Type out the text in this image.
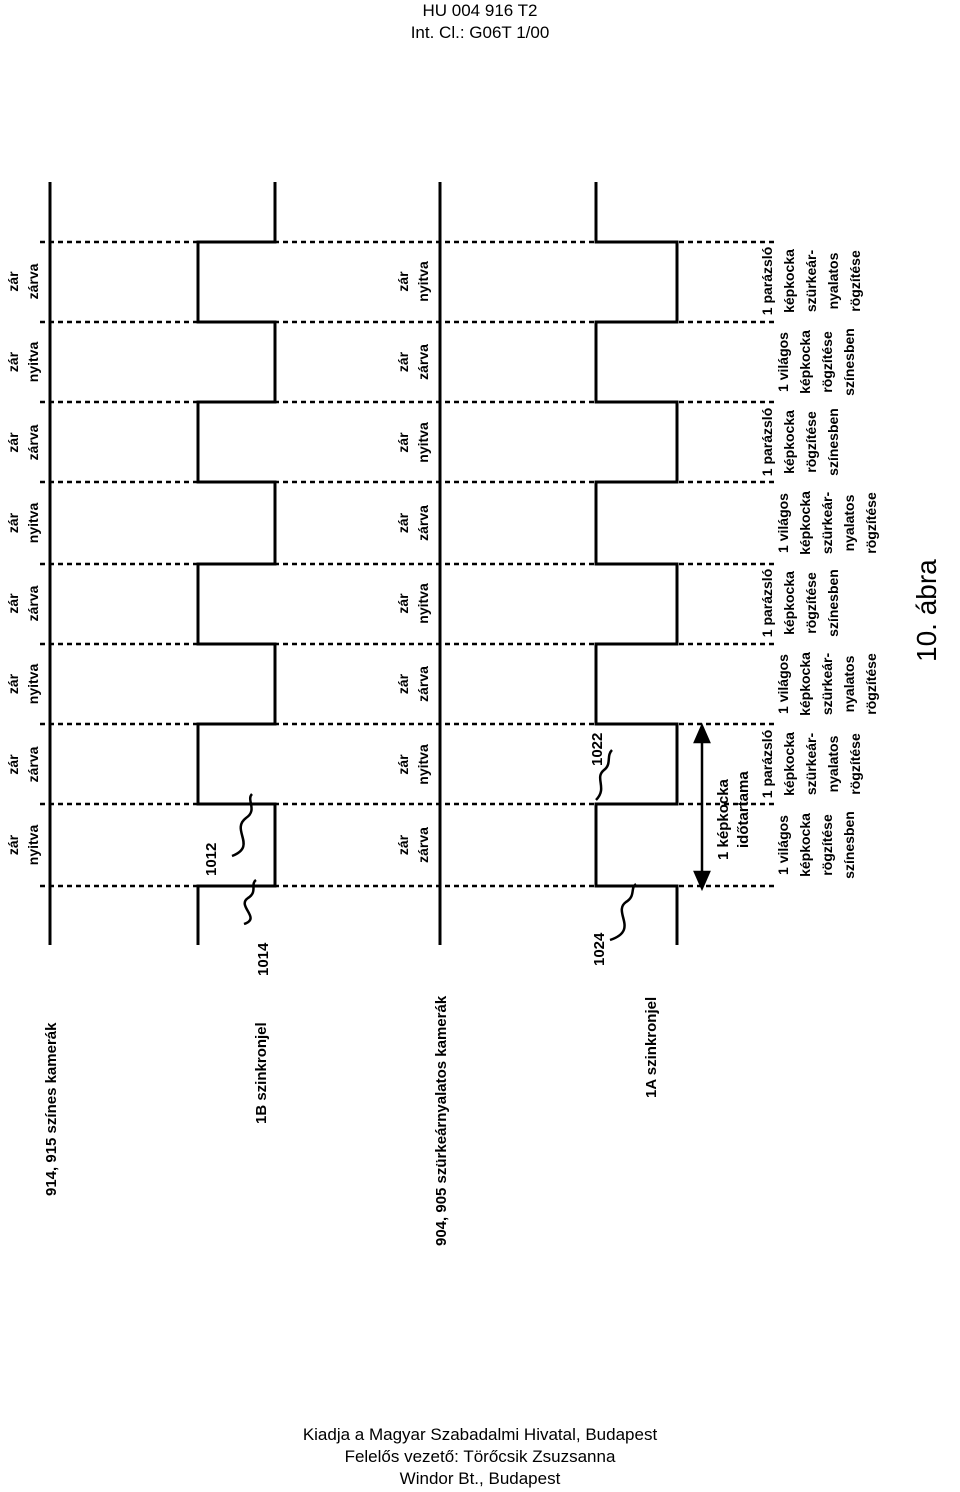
HU 004 916 T2
Int. Cl.: G06T 1/00
1 képkocka időtartama
1012
1014
1022
1024
914, 915 színes kamerák	1B szinkronjel	904, 905 szürkeárnyalatos kamerák	1A szinkronjel
zár nyitva
zár zárva
zár nyitva
zár zárva
zár nyitva
zár zárva
zár nyitva
zár zárva
zár zárva
zár nyitva
zár zárva
zár nyitva
zár zárva
zár nyitva
zár zárva
zár nyitva
1 világos képkocka rögzítése színesben
1 parázsló képkocka szürkeár- nyalatos rögzítése
1 világos képkocka szürkeár- nyalatos rögzítése
1 parázsló képkocka rögzítése színesben
1 világos képkocka szürkeár- nyalatos rögzítése
1 parázsló képkocka rögzítése színesben
1 világos képkocka rögzítése színesben
1 parázsló képkocka szürkeár- nyalatos rögzítése
10. ábra
Kiadja a Magyar Szabadalmi Hivatal, Budapest
Felelős vezető: Törőcsik Zsuzsanna
Windor Bt., Budapest
